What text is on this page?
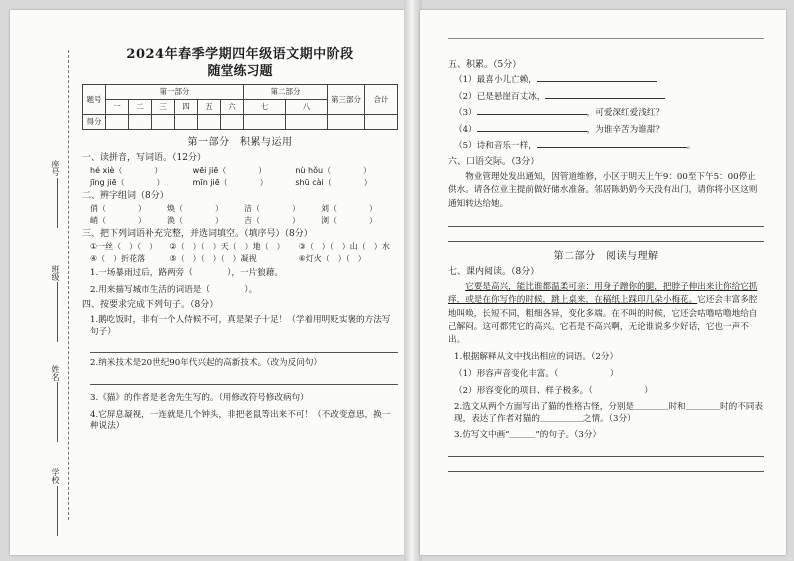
座号
班级
姓名
学校
2024年春季学期四年级语文期中阶段
随堂练习题
题号	第一部分						第二部分		第三部分	合计
	一	二	三	四	五	六	七	八		
得分										
第一部分　积累与运用
一、读拼音，写词语。（12分）
hé xiè（　　　　）	wēi jiē（　　　　）	nù hǒu（　　　　）
jīng jiē（　　　　）	mīn jiē（　　　　）	shū cài（　　　　）
二、辨字组词（8分）
俏（　　　　）	焕（　　　　）	洁（　　　　）	刘（　　　　）
峭（　　　　）	涣（　　　　）	吉（　　　　）	浏（　　　　）
三、把下列词语补充完整，并选词填空。（填序号）（8分）
①一丝（　）（　）	②（　）（　）天（　）地（　）	③（　）（　）山（　）水
④（　）折花落	⑤（　）（　）（　）凝视	⑥灯火（　）（　）
1.一场暴雨过后，路两旁（　　　　），一片狼藉。
2.用来描写城市生活的词语是（　　　　）。
四、按要求完成下列句子。（8分）
1.鹅吃饭时，非有一个人侍候不可，真是架子十足！（学着用明贬实褒的方法写句子）
2.纳米技术是20世纪90年代兴起的高新技术。（改为反问句）
3.《猫》的作者是老舍先生写的。（用修改符号修改病句）
4.它屏息凝视，一连就是几个钟头，非把老鼠等出来不可！（不改变意思，换一种说法）
五、积累。（5分）
（1）最喜小儿亡赖，
（2）已是悬崖百丈冰，
（3）	，可爱深红爱浅红？
（4）	，为谁辛苦为谁甜？
（5）诗和音乐一样，	。
六、口语交际。（3分）
物业管理处发出通知，因管道维修，小区于明天上午9：00至下午5：00停止供水。请各位业主提前做好储水准备。邻居陈奶奶今天没有出门，请你将小区这则通知转达给她。
第二部分　阅读与理解
七、课内阅读。（8分）
它要是高兴，能比谁都温柔可亲：用身子蹭你的腿，把脖子伸出来让你给它抓痒，或是在你写作的时候，跳上桌来，在稿纸上踩印几朵小梅花。它还会丰富多腔地叫唤，长短不同，粗细各异，变化多端。在不叫的时候，它还会咕噜咕噜地给自己解闷。这可都凭它的高兴。它若是不高兴啊，无论谁说多少好话，它也一声不出。
1.根据解释从文中找出相应的词语。（2分）
（1）形容声音变化丰富。（　　　　　　）
（2）形容变化的项目、样子极多。（　　　　　　）
2.选文从两个方面写出了猫的性格古怪，分别是＿＿＿＿时和＿＿＿＿时的不同表现，表达了作者对猫的＿＿＿＿＿之情。（3分）
3.仿写文中画“＿＿＿”的句子。（3分）
